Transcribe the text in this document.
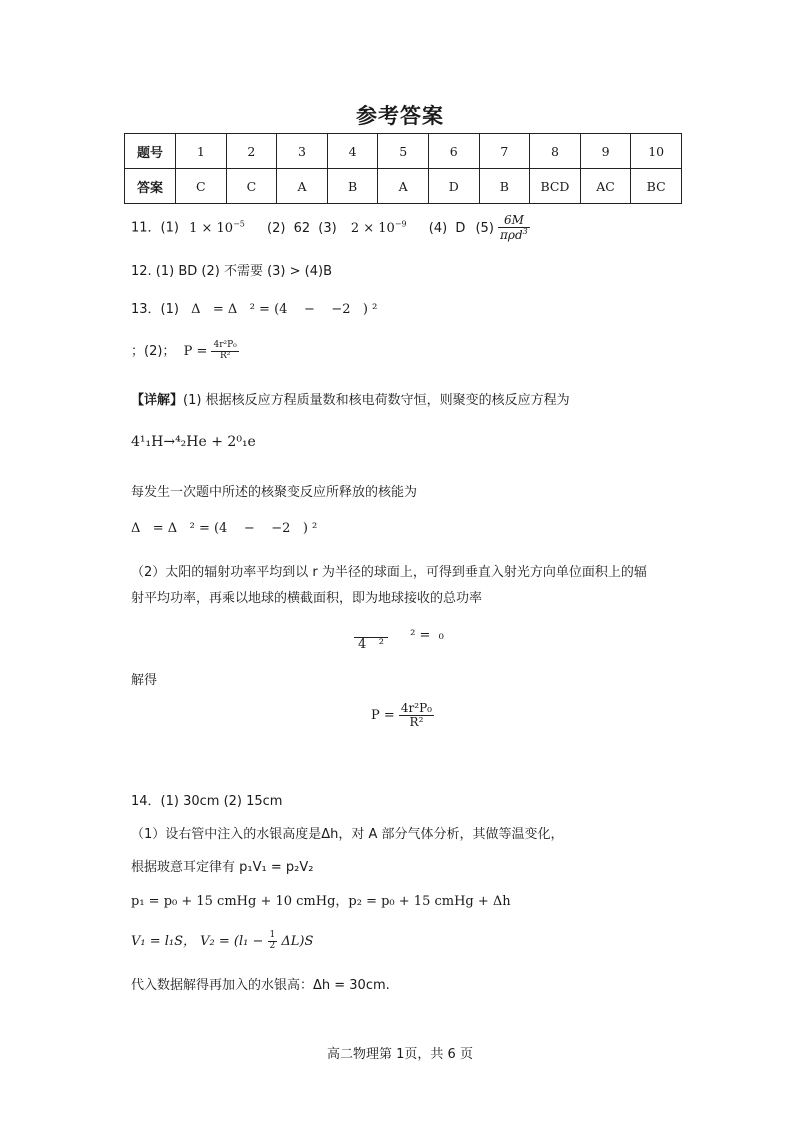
参考答案
题号	1	2	3	4	5	6	7	8	9	10
答案	C	C	A	B	A	D	B	BCD	AC	BC
11．(1) $1 \times 10^{-5}$ (2) 62 (3) $2 \times 10^{-9}$ (4) D $(5) \frac{6M}{\pi\rho d^3}$
12. (1) BD (2) 不需要 (3) > (4)B
13．(1) Δ   = Δ   ² = (4    −    −2   ) ²
；(2)； $P = \frac{\text{4r²P₀}}{\text{R²}}$
【详解】(1) 根据核反应方程质量数和核电荷数守恒，则聚变的核反应方程为
4¹₁H→⁴₂He + 2⁰₁e
每发生一次题中所述的核聚变反应所释放的核能为
Δ   = Δ   ² = (4    −    −2   ) ²
（2）太阳的辐射功率平均到以 r 为半径的球面上，可得到垂直入射光方向单位面积上的辐
射平均功率，再乘以地球的横截面积，即为地球接收的总功率
4   ²
² =  ₀
解得
$P = \frac{\text{4r²P₀}}{\text{R²}}$
14．(1) 30cm (2) 15cm
（1）设右管中注入的水银高度是Δh，对 A 部分气体分析，其做等温变化，
根据玻意耳定律有 p₁V₁ = p₂V₂
p₁ = p₀ + 15 cmHg + 10 cmHg，p₂ = p₀ + 15 cmHg + Δh
V₁ = l₁S， $V_2 = (l_1 - \frac{1}{2} \Delta L)S$
代入数据解得再加入的水银高：Δh = 30cm.
高二物理第 1页，共 6 页
